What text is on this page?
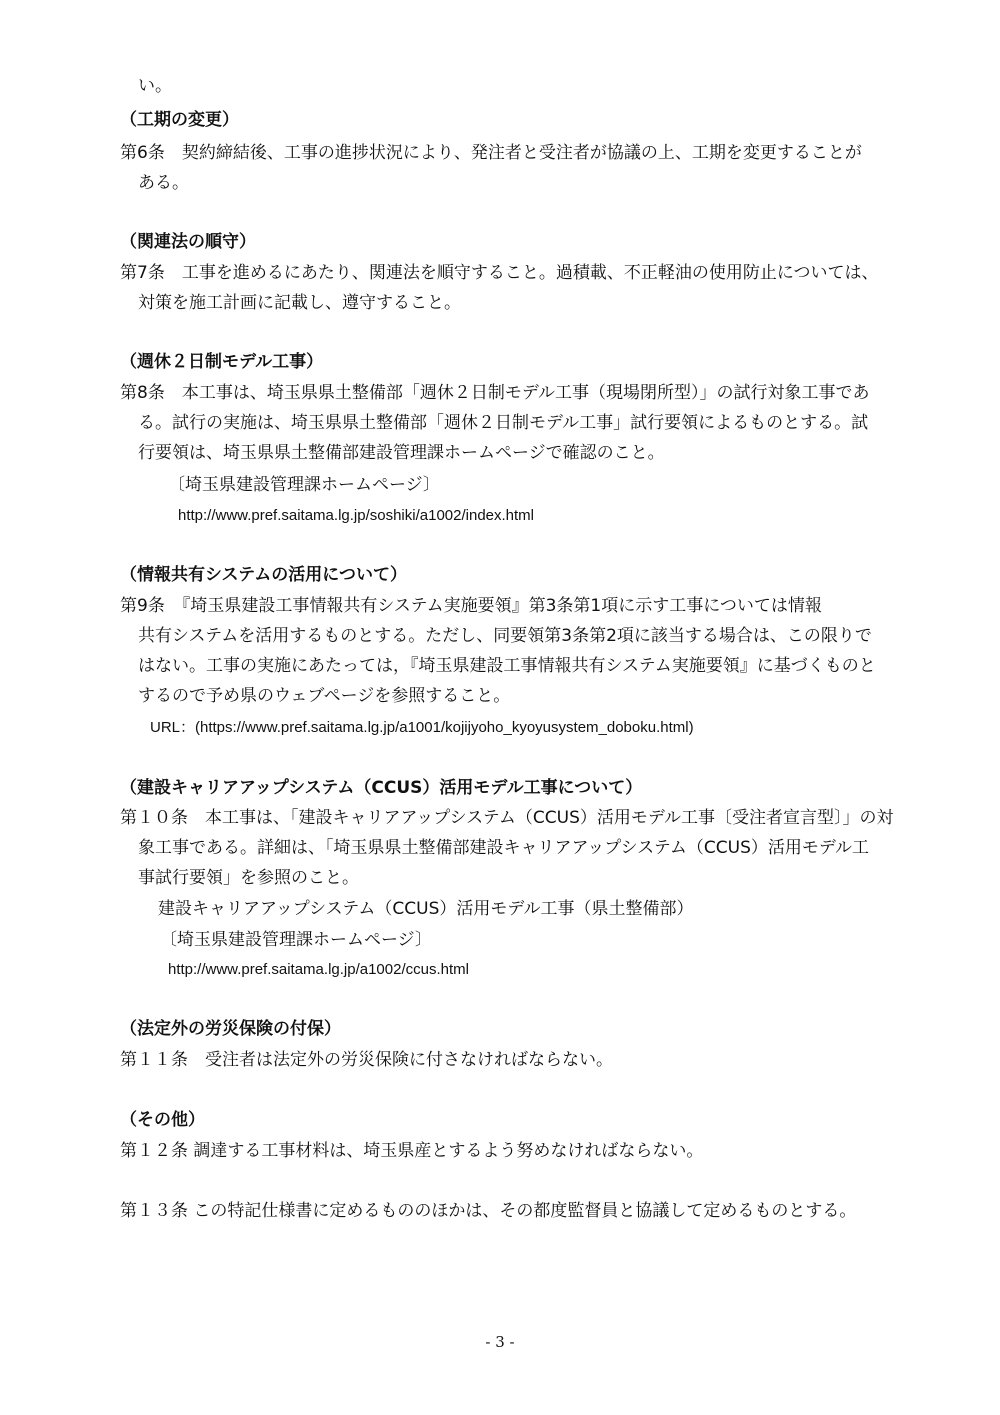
い。
（工期の変更）
第6条　契約締結後、工事の進捗状況により、発注者と受注者が協議の上、工期を変更することが
ある。
（関連法の順守）
第7条　工事を進めるにあたり、関連法を順守すること。過積載、不正軽油の使用防止については、
対策を施工計画に記載し、遵守すること。
（週休２日制モデル工事）
第8条　本工事は、埼玉県県土整備部「週休２日制モデル工事（現場閉所型）」の試行対象工事であ
る。試行の実施は、埼玉県県土整備部「週休２日制モデル工事」試行要領によるものとする。試
行要領は、埼玉県県土整備部建設管理課ホームページで確認のこと。
〔埼玉県建設管理課ホームページ〕
http://www.pref.saitama.lg.jp/soshiki/a1002/index.html
（情報共有システムの活用について）
第9条　『埼玉県建設工事情報共有システム実施要領』第3条第1項に示す工事については情報
共有システムを活用するものとする。ただし、同要領第3条第2項に該当する場合は、この限りで
はない。工事の実施にあたっては，『埼玉県建設工事情報共有システム実施要領』に基づくものと
するので予め県のウェブページを参照すること。
URL：(https://www.pref.saitama.lg.jp/a1001/kojijyoho_kyoyusystem_doboku.html)
（建設キャリアアップシステム（CCUS）活用モデル工事について）
第１０条　本工事は、「建設キャリアアップシステム（CCUS）活用モデル工事〔受注者宣言型〕」の対
象工事である。詳細は、「埼玉県県土整備部建設キャリアアップシステム（CCUS）活用モデル工
事試行要領」を参照のこと。
建設キャリアアップシステム（CCUS）活用モデル工事（県土整備部）
〔埼玉県建設管理課ホームページ〕
http://www.pref.saitama.lg.jp/a1002/ccus.html
（法定外の労災保険の付保）
第１１条　受注者は法定外の労災保険に付さなければならない。
（その他）
第１２条 調達する工事材料は、埼玉県産とするよう努めなければならない。
第１３条 この特記仕様書に定めるもののほかは、その都度監督員と協議して定めるものとする。
- 3 -
